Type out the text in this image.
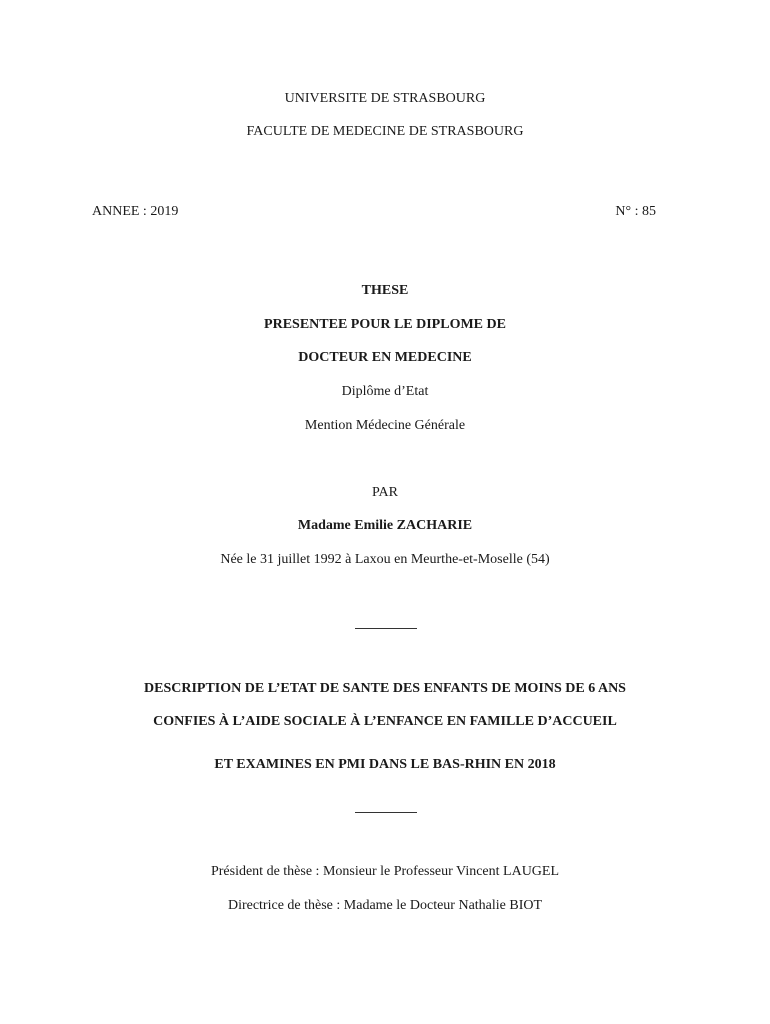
UNIVERSITE DE STRASBOURG
FACULTE DE MEDECINE DE STRASBOURG
ANNEE : 2019	N° : 85
THESE
PRESENTEE POUR LE DIPLOME DE
DOCTEUR EN MEDECINE
Diplôme d’Etat
Mention Médecine Générale
PAR
Madame Emilie ZACHARIE
Née le 31 juillet 1992 à Laxou en Meurthe-et-Moselle (54)
DESCRIPTION DE L’ETAT DE SANTE DES ENFANTS DE MOINS DE 6 ANS
CONFIES À L’AIDE SOCIALE À L’ENFANCE EN FAMILLE D’ACCUEIL
ET EXAMINES EN PMI DANS LE BAS-RHIN EN 2018
Président de thèse : Monsieur le Professeur Vincent LAUGEL
Directrice de thèse : Madame le Docteur Nathalie BIOT
